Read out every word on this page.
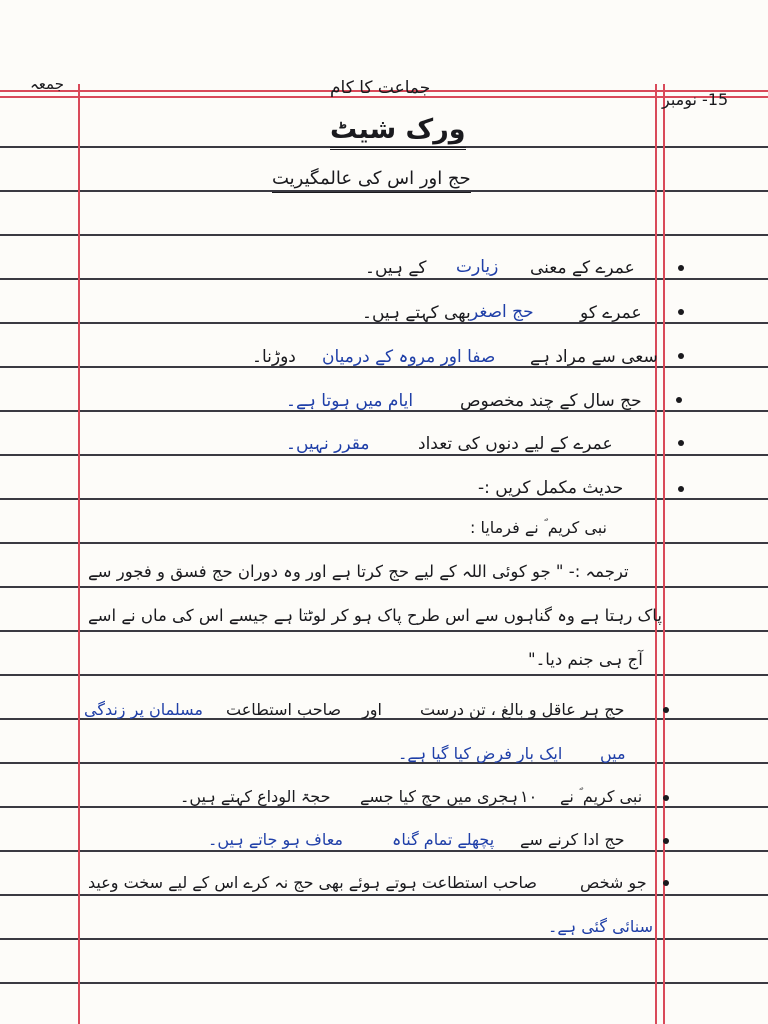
جمعہ	جماعت کا کام
15- نومبر
ورک شیٹ
حج اور اس کی عالمگیریت
عمرے کے معنی
زیارت
کے ہیں۔
عمرے کو
حج اصغر
بھی کہتے ہیں۔
سعی سے مراد ہے
صفا اور مروہ کے درمیان
دوڑنا۔
حج سال کے چند مخصوص
ایام میں ہوتا ہے۔
عمرے کے لیے دنوں کی تعداد
مقرر نہیں۔
حدیث مکمل کریں :-
نبی کریم ؐ نے فرمایا :
ترجمہ :- " جو کوئی اللہ کے لیے حج کرتا ہے اور وہ دوران حج فسق و فجور سے
پاک رہتا ہے وہ گناہوں سے اس طرح پاک ہو کر لوٹتا ہے جیسے اس کی ماں نے اسے
آج ہی جنم دیا۔"
حج ہر عاقل و بالغ ، تن درست
اور
صاحب استطاعت
مسلمان پر زندگی
میں
ایک بار فرض کیا گیا ہے۔
نبی کریم ؐ نے
۱۰
ہجری میں حج کیا جسے
حجۃ الوداع کہتے ہیں۔
حج ادا کرنے سے
پچھلے تمام گناہ
معاف ہو جاتے ہیں۔
جو شخص
صاحب استطاعت ہوتے ہوئے بھی حج نہ کرے اس کے لیے سخت وعید
سنائی گئی ہے۔
